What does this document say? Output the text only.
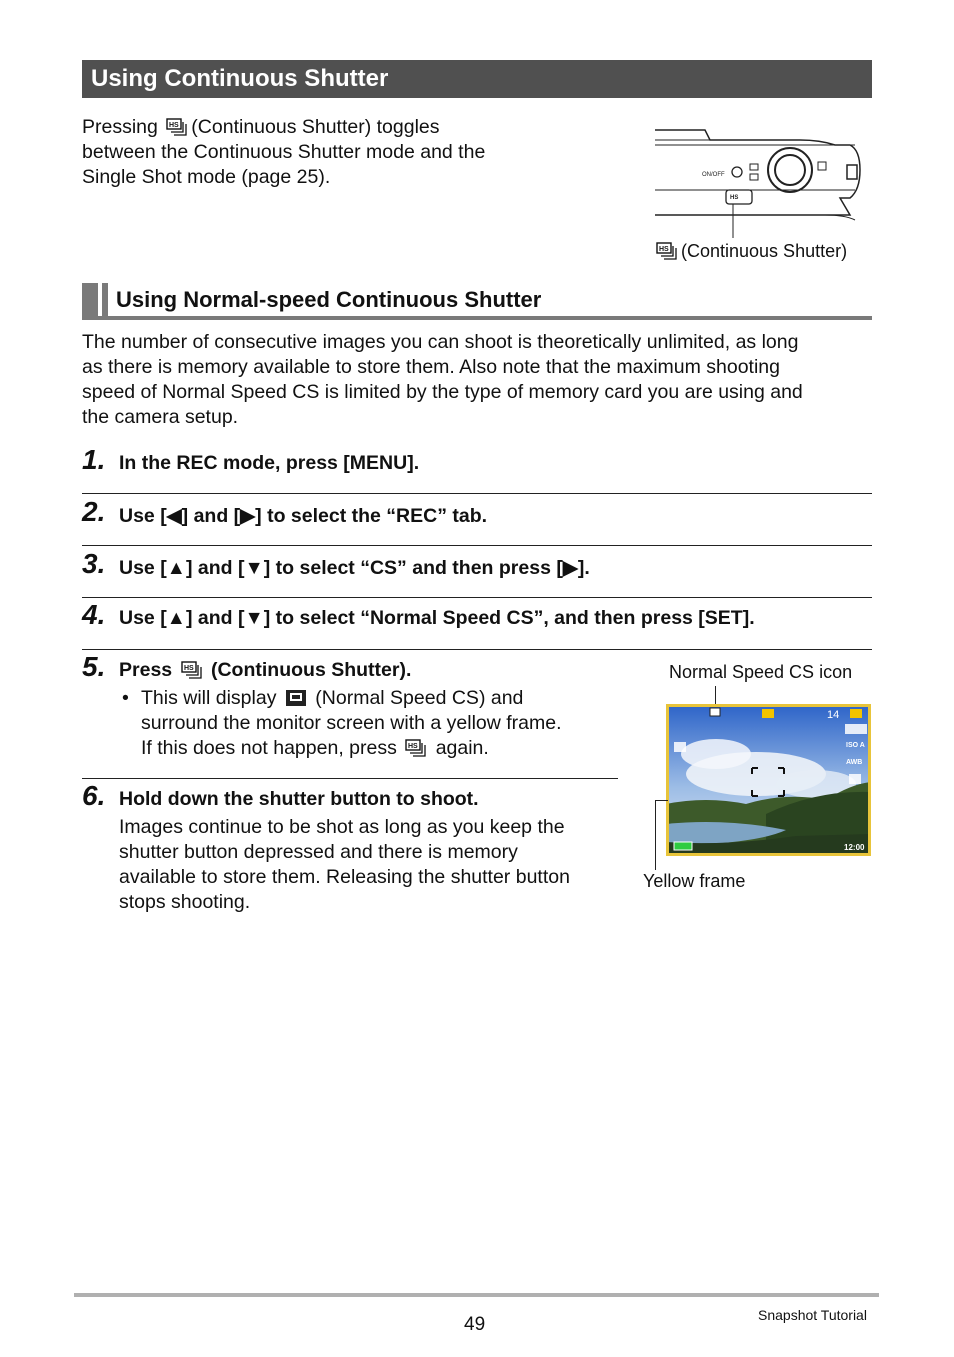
Using Continuous Shutter
Pressing HS (Continuous Shutter) toggles
between the Continuous Shutter mode and the
Single Shot mode (page 25).	ON/OFF
HS
HS (Continuous Shutter)
Using Normal-speed Continuous Shutter
The number of consecutive images you can shoot is theoretically unlimited, as long
as there is memory available to store them. Also note that the maximum shooting
speed of Normal Speed CS is limited by the type of memory card you are using and
the camera setup.
1. In the REC mode, press [MENU].
2. Use [◀] and [▶] to select the “REC” tab.
3. Use [▲] and [▼] to select “CS” and then press [▶].
4. Use [▲] and [▼] to select “Normal Speed CS”, and then press [SET].
5. Press HS (Continuous Shutter).
• This will display (Normal Speed CS) and
surround the monitor screen with a yellow frame.
If this does not happen, press HS again.
6. Hold down the shutter button to shoot.
Images continue to be shot as long as you keep the
shutter button depressed and there is memory
available to store them. Releasing the shutter button
stops shooting.
Normal Speed CS icon
14
ISO A
AWB
12:00
Yellow frame
49	Snapshot Tutorial
